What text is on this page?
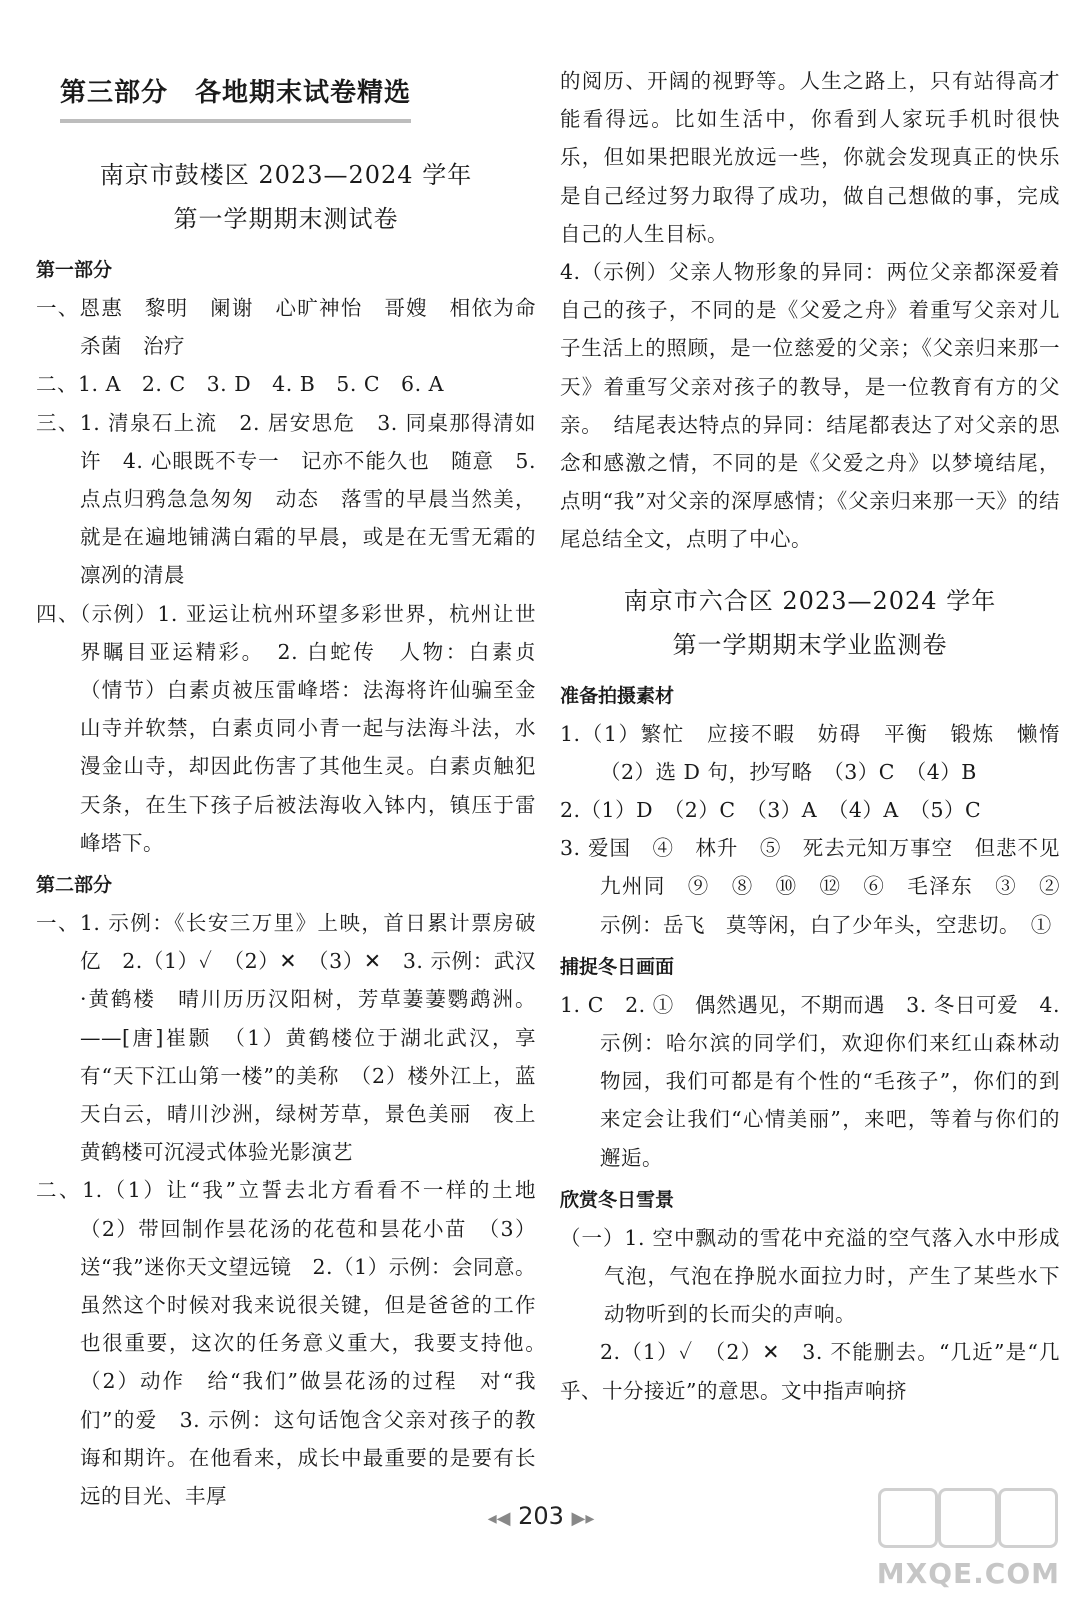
第三部分　各地期末试卷精选
南京市鼓楼区 2023—2024 学年
第一学期期末测试卷
第一部分

一、恩惠　黎明　阑谢　心旷神怡　哥嫂　相依为命　杀菌　治疗

二、1. A　2. C　3. D　4. B　5. C　6. A

三、1. 清泉石上流　2. 居安思危　3. 同桌那得清如许　4. 心眼既不专一　记亦不能久也　随意　5. 点点归鸦急急匆匆　动态　落雪的早晨当然美，就是在遍地铺满白霜的早晨，或是在无雪无霜的凛冽的清晨

四、（示例）1. 亚运让杭州环望多彩世界，杭州让世界瞩目亚运精彩。　2. 白蛇传　人物：白素贞　（情节）白素贞被压雷峰塔：法海将许仙骗至金山寺并软禁，白素贞同小青一起与法海斗法，水漫金山寺，却因此伤害了其他生灵。白素贞触犯天条，在生下孩子后被法海收入钵内，镇压于雷峰塔下。

第二部分

一、1. 示例：《长安三万里》上映，首日累计票房破亿　2.（1）✓　（2）✕　（3）✕　3. 示例：武汉·黄鹤楼　晴川历历汉阳树，芳草萋萋鹦鹉洲。——[唐]崔颢　（1）黄鹤楼位于湖北武汉，享有“天下江山第一楼”的美称　（2）楼外江上，蓝天白云，晴川沙洲，绿树芳草，景色美丽　夜上黄鹤楼可沉浸式体验光影演艺

二、1.（1）让“我”立誓去北方看看不一样的土地　（2）带回制作昙花汤的花苞和昙花小苗　（3）送“我”迷你天文望远镜　2.（1）示例：会同意。虽然这个时候对我来说很关键，但是爸爸的工作也很重要，这次的任务意义重大，我要支持他。　（2）动作　给“我们”做昙花汤的过程　对“我们”的爱　3. 示例：这句话饱含父亲对孩子的教诲和期许。在他看来，成长中最重要的是要有长远的目光、丰厚

的阅历、开阔的视野等。人生之路上，只有站得高才能看得远。比如生活中，你看到人家玩手机时很快乐，但如果把眼光放远一些，你就会发现真正的快乐是自己经过努力取得了成功，做自己想做的事，完成自己的人生目标。

4.（示例）父亲人物形象的异同：两位父亲都深爱着自己的孩子，不同的是《父爱之舟》着重写父亲对儿子生活上的照顾，是一位慈爱的父亲；《父亲归来那一天》着重写父亲对孩子的教导，是一位教育有方的父亲。　结尾表达特点的异同：结尾都表达了对父亲的思念和感激之情，不同的是《父爱之舟》以梦境结尾，点明“我”对父亲的深厚感情；《父亲归来那一天》的结尾总结全文，点明了中心。

南京市六合区 2023—2024 学年
第一学期期末学业监测卷
准备拍摄素材

1.（1）繁忙　应接不暇　妨碍　平衡　锻炼　懒惰　（2）选 D 句，抄写略　（3）C　（4）B

2.（1）D　（2）C　（3）A　（4）A　（5）C

3. 爱国　④　林升　⑤　死去元知万事空　但悲不见九州同　⑨　⑧　⑩　⑫　⑥　毛泽东　③　②　示例：岳飞　莫等闲，白了少年头，空悲切。　①

捕捉冬日画面

1. C　2. ①　偶然遇见，不期而遇　3. 冬日可爱　4. 示例：哈尔滨的同学们，欢迎你们来红山森林动物园，我们可都是有个性的“毛孩子”，你们的到来定会让我们“心情美丽”，来吧，等着与你们的邂逅。

欣赏冬日雪景

（一）1. 空中飘动的雪花中充溢的空气落入水中形成气泡，气泡在挣脱水面拉力时，产生了某些水下动物听到的长而尖的声响。

2.（1）✓　（2）✕　3. 不能删去。“几近”是“几乎、十分接近”的意思。文中指声响挤

◂◀ 203 ▶▸
MXQE.COM
